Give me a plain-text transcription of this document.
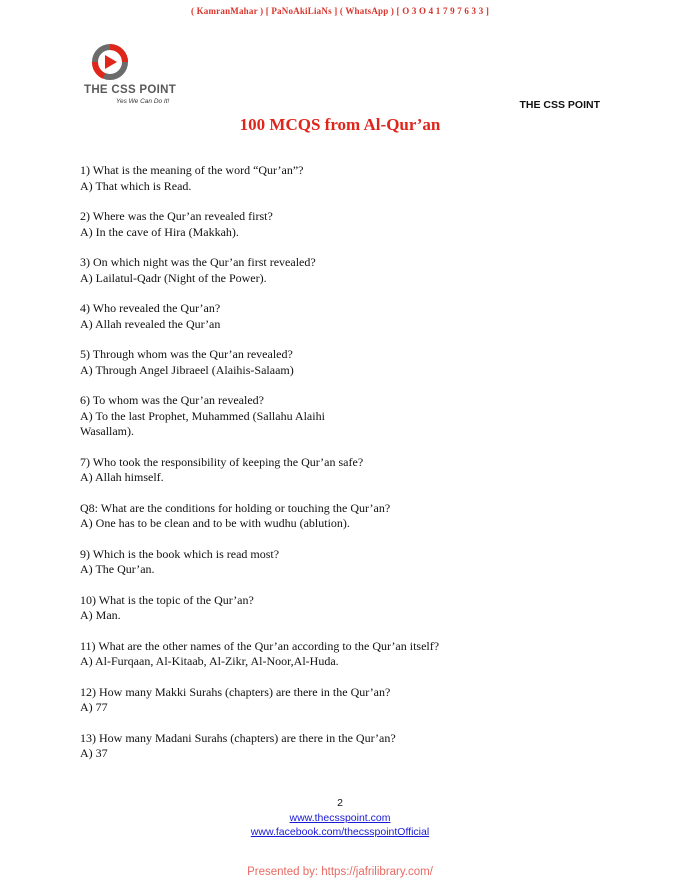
( KamranMahar ) [ PaNoAkiLiaNs ] ( WhatsApp ) [ O 3 O 4 1 7 9 7 6 3 3 ]
THE CSS POINT
Yes We Can Do It!	THE CSS POINT
100 MCQS from Al-Qur’an
1) What is the meaning of the word “Qur’an”?
A) That which is Read.
2) Where was the Qur’an revealed first?
A) In the cave of Hira (Makkah).
3) On which night was the Qur’an first revealed?
A) Lailatul-Qadr (Night of the Power).
4) Who revealed the Qur’an?
A) Allah revealed the Qur’an
5) Through whom was the Qur’an revealed?
A) Through Angel Jibraeel (Alaihis-Salaam)
6) To whom was the Qur’an revealed?
A) To the last Prophet, Muhammed (Sallahu Alaihi Wasallam).
7) Who took the responsibility of keeping the Qur’an safe?
A) Allah himself.
Q8: What are the conditions for holding or touching the Qur’an?
A) One has to be clean and to be with wudhu (ablution).
9) Which is the book which is read most?
A) The Qur’an.
10) What is the topic of the Qur’an?
A) Man.
11) What are the other names of the Qur’an according to the Qur’an itself?
A) Al-Furqaan, Al-Kitaab, Al-Zikr, Al-Noor,Al-Huda.
12) How many Makki Surahs (chapters) are there in the Qur’an?
A) 77
13) How many Madani Surahs (chapters) are there in the Qur’an?
A) 37
2
www.thecsspoint.com
www.facebook.com/thecsspointOfficial
Presented by: https://jafrilibrary.com/
